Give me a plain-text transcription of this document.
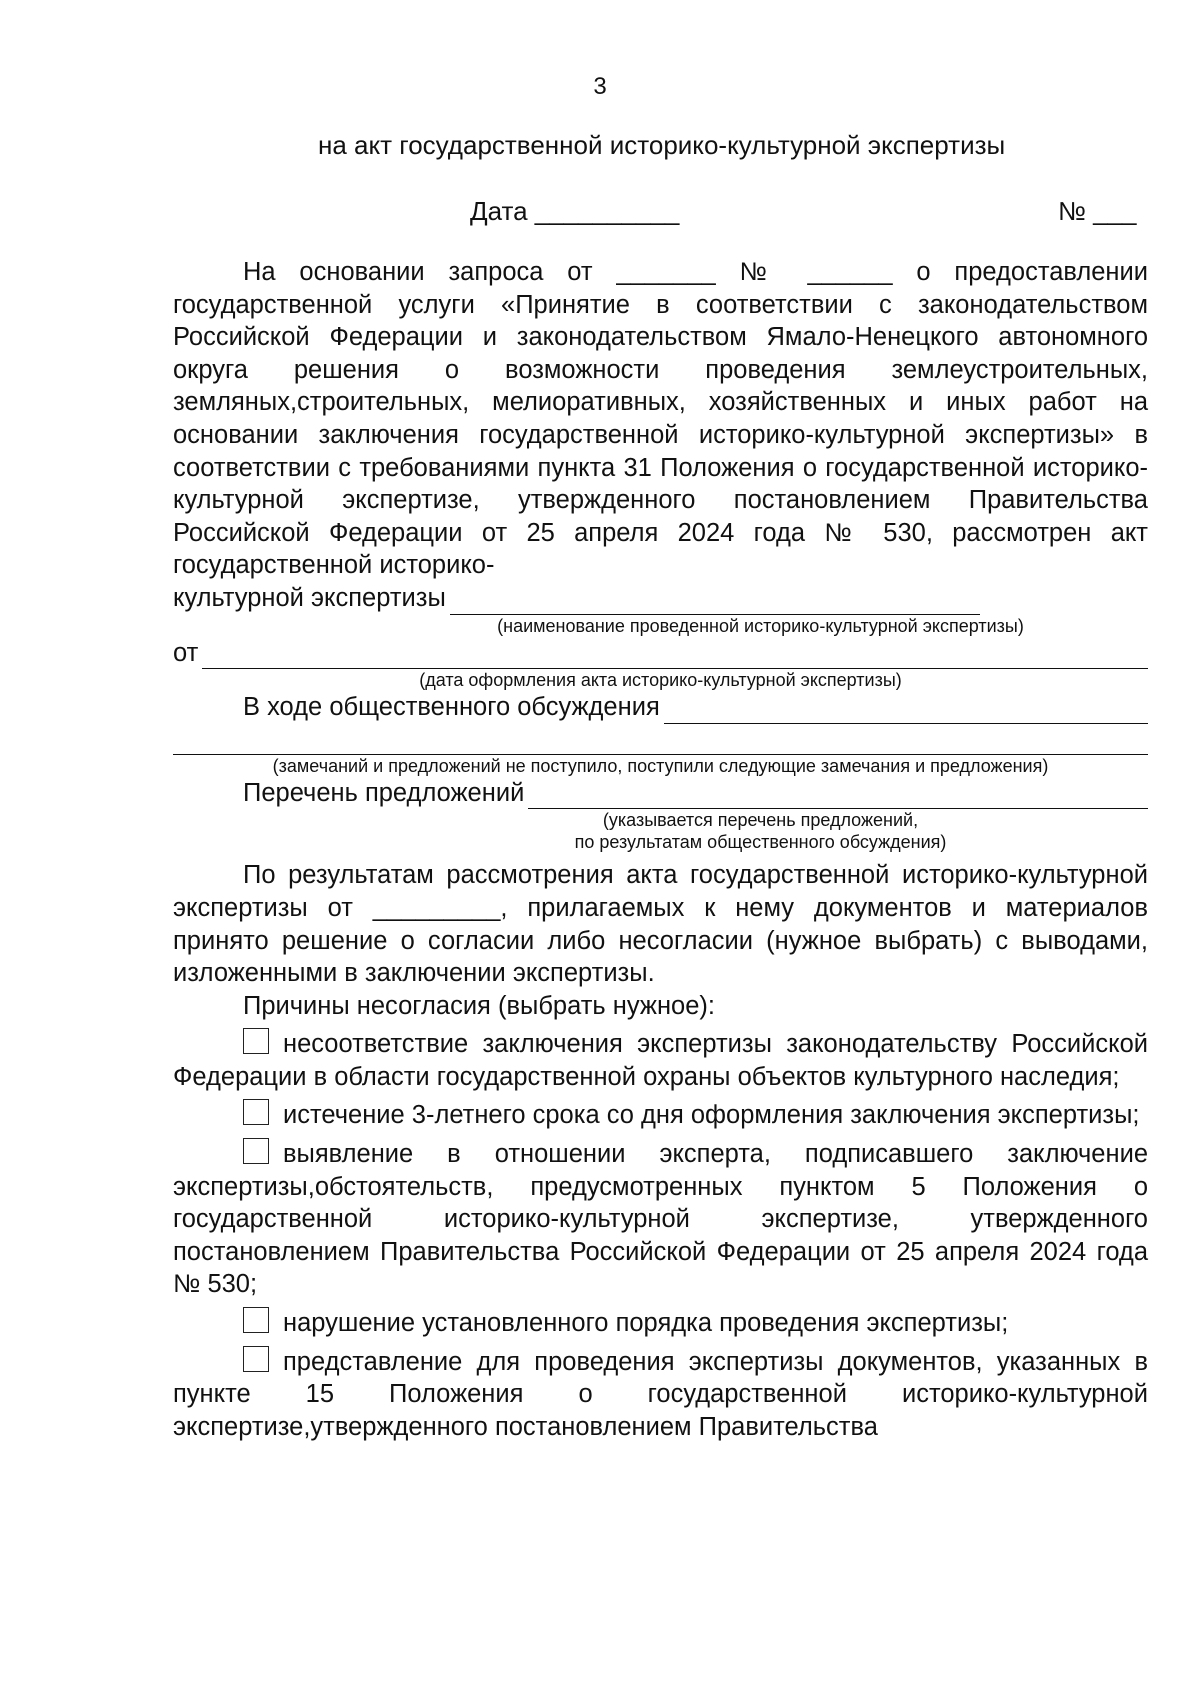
3
на акт государственной историко-культурной экспертизы
Дата __________	№ ___

На основании запроса от _______ № ______ о предоставлении государственной услуги «Принятие в соответствии с законодательством Российской Федерации и законодательством Ямало-Ненецкого автономного округа решения о возможности проведения землеустроительных, земляных,строительных, мелиоративных, хозяйственных и иных работ на основании заключения государственной историко-культурной экспертизы» в соответствии с требованиями пункта 31 Положения о государственной историко-культурной экспертизе, утвержденного постановлением Правительства Российской Федерации от 25 апреля 2024 года № 530, рассмотрен акт государственной историко-

культурной экспертизы

(наименование проведенной историко-культурной экспертизы)

от

(дата оформления акта историко-культурной экспертизы)

В ходе общественного обсуждения

(замечаний и предложений не поступило, поступили следующие замечания и предложения)

Перечень предложений

(указывается перечень предложений,

по результатам общественного обсуждения)

По результатам рассмотрения акта государственной историко-культурной экспертизы от _________, прилагаемых к нему документов и материалов принято решение о согласии либо несогласии (нужное выбрать) с выводами, изложенными в заключении экспертизы.

Причины несогласия (выбрать нужное):

несоответствие заключения экспертизы законодательству Российской Федерации в области государственной охраны объектов культурного наследия;

истечение 3-летнего срока со дня оформления заключения экспертизы;

выявление в отношении эксперта, подписавшего заключение экспертизы,обстоятельств, предусмотренных пунктом 5 Положения о государственной историко-культурной экспертизе, утвержденного постановлением Правительства Российской Федерации от 25 апреля 2024 года № 530;

нарушение установленного порядка проведения экспертизы;

представление для проведения экспертизы документов, указанных в пункте 15 Положения о государственной историко-культурной экспертизе,утвержденного постановлением Правительства
